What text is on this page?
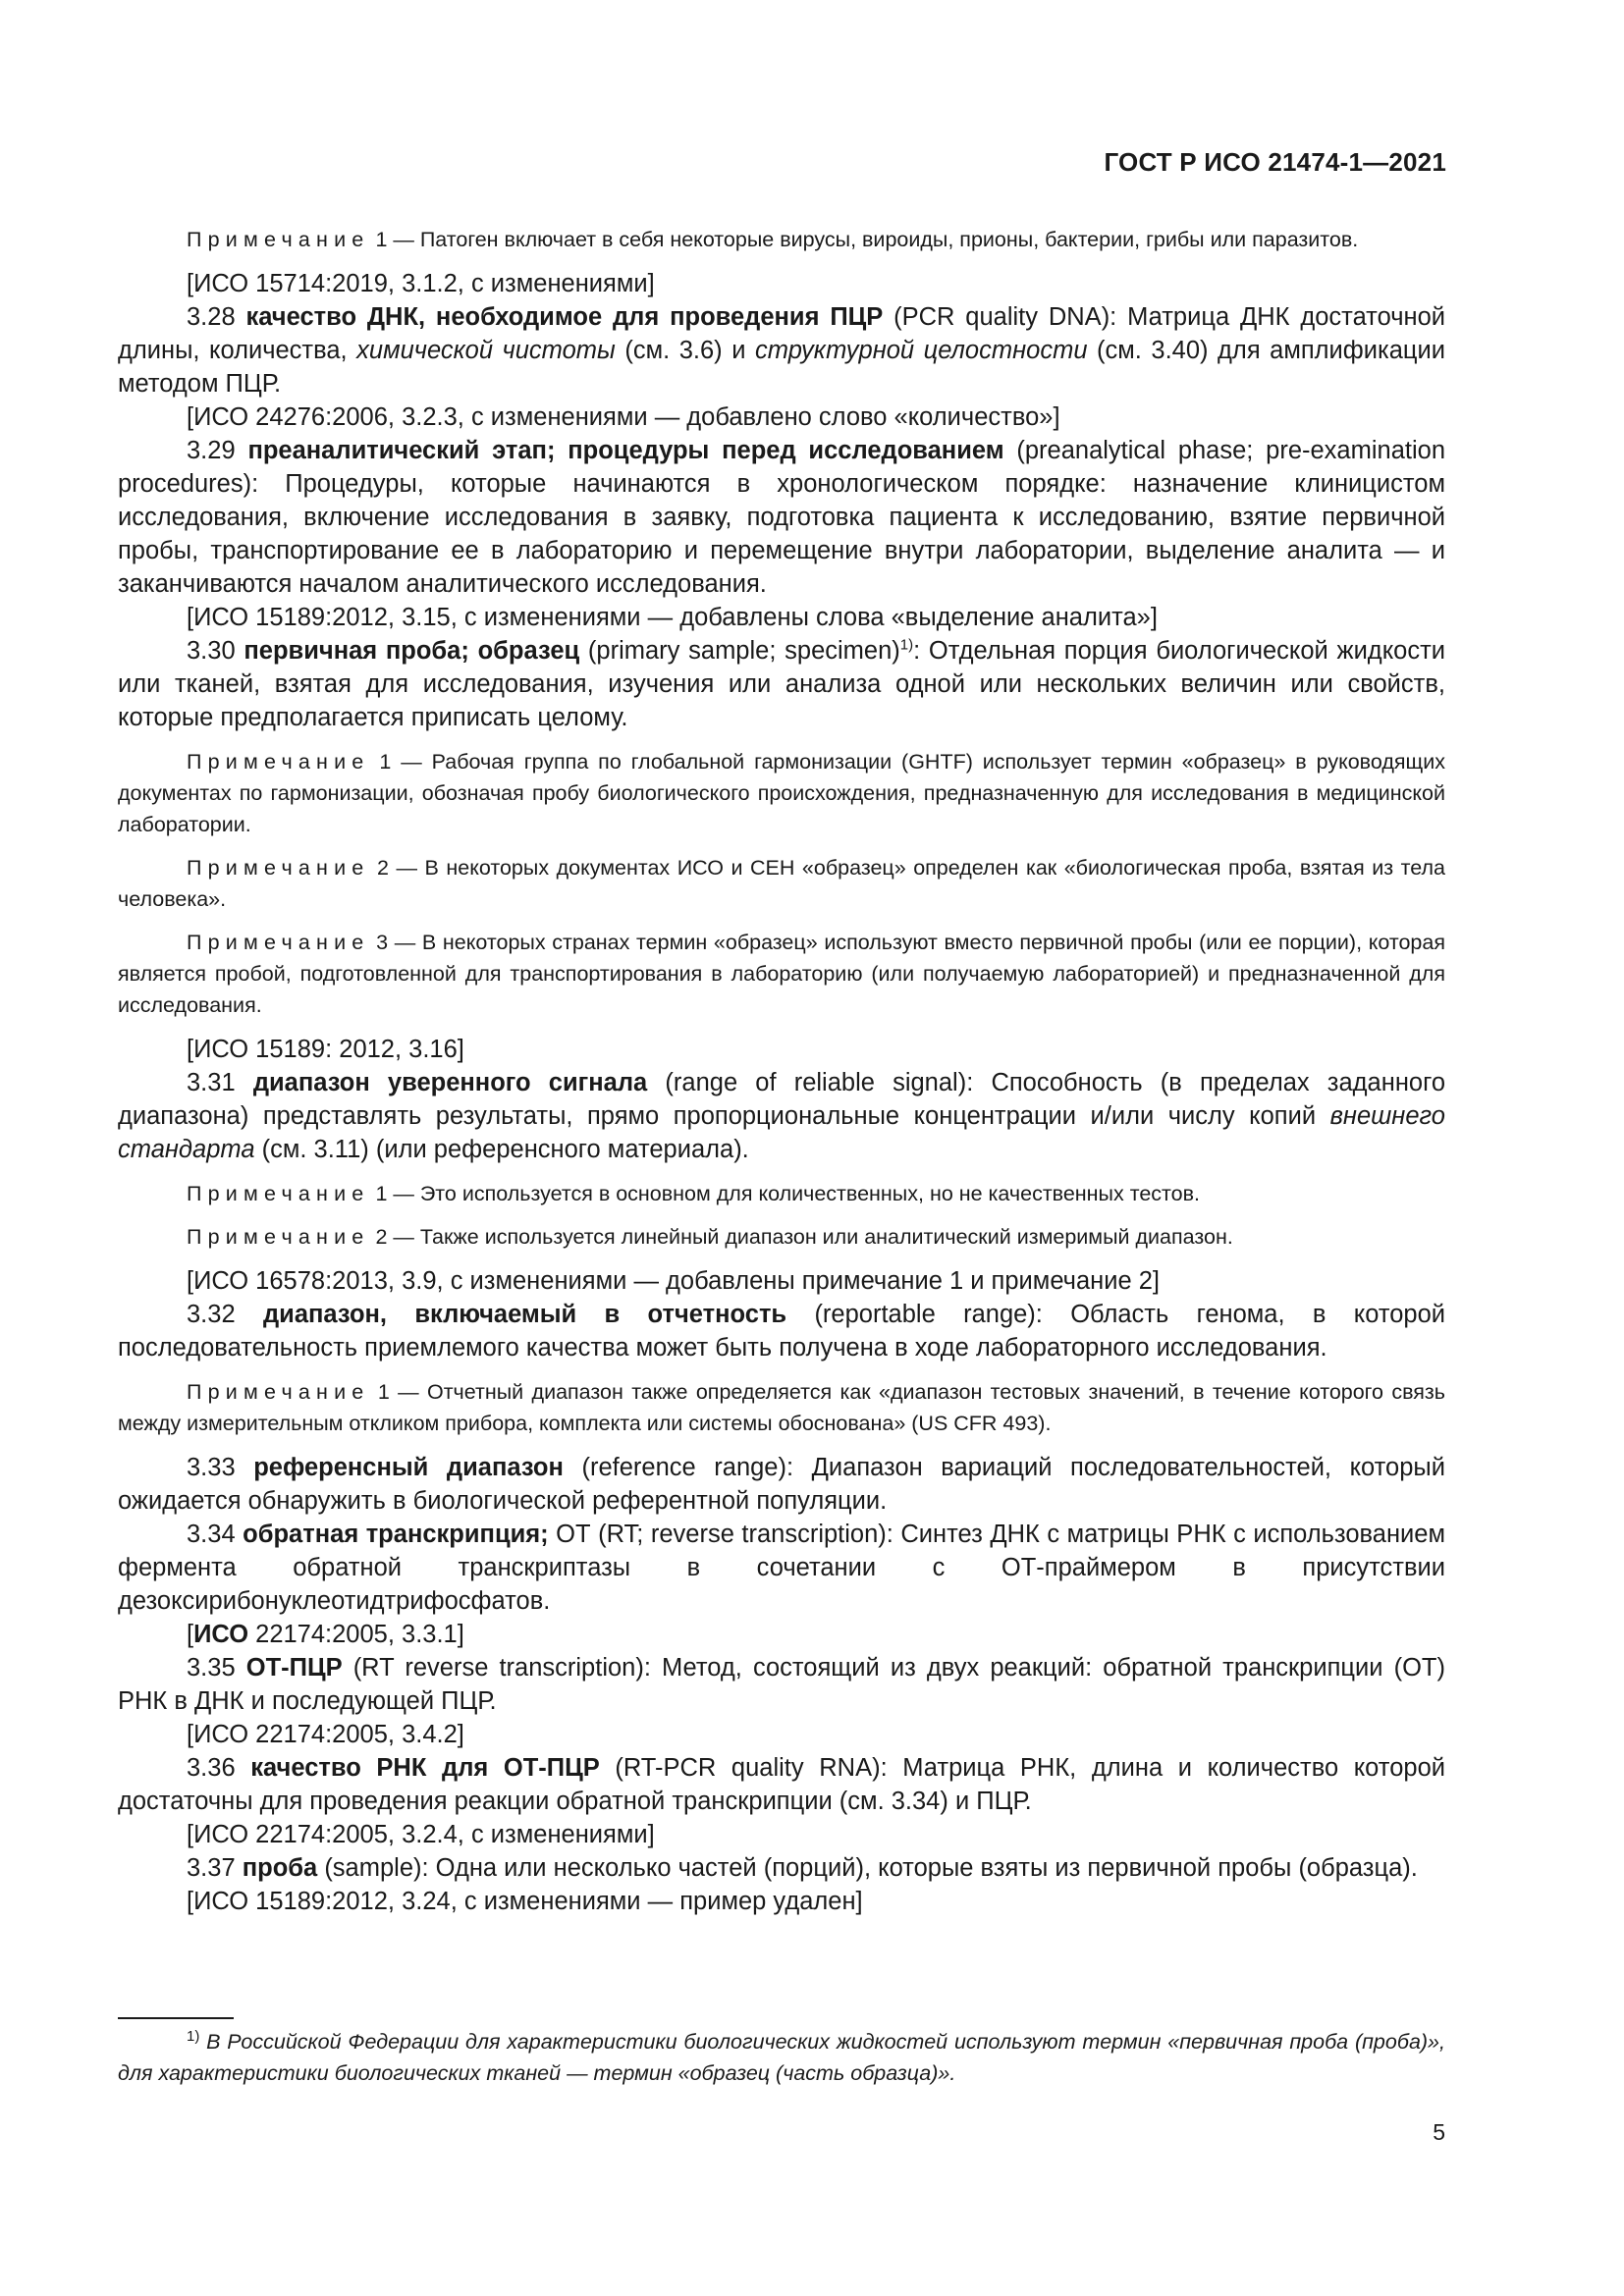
ГОСТ Р ИСО 21474-1—2021

Примечание 1 — Патоген включает в себя некоторые вирусы, вироиды, прионы, бактерии, грибы или паразитов.

[ИСО 15714:2019, 3.1.2, с изменениями]

3.28 качество ДНК, необходимое для проведения ПЦР (PCR quality DNA): Матрица ДНК достаточной длины, количества, химической чистоты (см. 3.6) и структурной целостности (см. 3.40) для амплификации методом ПЦР.

[ИСО 24276:2006, 3.2.3, с изменениями — добавлено слово «количество»]

3.29 преаналитический этап; процедуры перед исследованием (preanalytical phase; pre-examination procedures): Процедуры, которые начинаются в хронологическом порядке: назначение клиницистом исследования, включение исследования в заявку, подготовка пациента к исследованию, взятие первичной пробы, транспортирование ее в лабораторию и перемещение внутри лаборатории, выделение аналита — и заканчиваются началом аналитического исследования.

[ИСО 15189:2012, 3.15, с изменениями — добавлены слова «выделение аналита»]

3.30 первичная проба; образец (primary sample; specimen)$^{1)}$: Отдельная порция биологической жидкости или тканей, взятая для исследования, изучения или анализа одной или нескольких величин или свойств, которые предполагается приписать целому.

Примечание 1 — Рабочая группа по глобальной гармонизации (GHTF) использует термин «образец» в руководящих документах по гармонизации, обозначая пробу биологического происхождения, предназначенную для исследования в медицинской лаборатории.

Примечание 2 — В некоторых документах ИСО и СЕН «образец» определен как «биологическая проба, взятая из тела человека».

Примечание 3 — В некоторых странах термин «образец» используют вместо первичной пробы (или ее порции), которая является пробой, подготовленной для транспортирования в лабораторию (или получаемую лабораторией) и предназначенной для исследования.

[ИСО 15189: 2012, 3.16]

3.31 диапазон уверенного сигнала (range of reliable signal): Способность (в пределах заданного диапазона) представлять результаты, прямо пропорциональные концентрации и/или числу копий внешнего стандарта (см. 3.11) (или референсного материала).

Примечание 1 — Это используется в основном для количественных, но не качественных тестов.

Примечание 2 — Также используется линейный диапазон или аналитический измеримый диапазон.

[ИСО 16578:2013, 3.9, с изменениями — добавлены примечание 1 и примечание 2]

3.32 диапазон, включаемый в отчетность (reportable range): Область генома, в которой последовательность приемлемого качества может быть получена в ходе лабораторного исследования.

Примечание 1 — Отчетный диапазон также определяется как «диапазон тестовых значений, в течение которого связь между измерительным откликом прибора, комплекта или системы обоснована» (US CFR 493).

3.33 референсный диапазон (reference range): Диапазон вариаций последовательностей, который ожидается обнаружить в биологической референтной популяции.

3.34 обратная транскрипция; ОТ (RT; reverse transcription): Синтез ДНК с матрицы РНК с использованием фермента обратной транскриптазы в сочетании с ОТ-праймером в присутствии дезоксирибонуклеотидтрифосфатов.

[ИСО 22174:2005, 3.3.1]

3.35 ОТ-ПЦР (RT reverse transcription): Метод, состоящий из двух реакций: обратной транскрипции (ОТ) РНК в ДНК и последующей ПЦР.

[ИСО 22174:2005, 3.4.2]

3.36 качество РНК для ОТ-ПЦР (RT-PCR quality RNA): Матрица РНК, длина и количество которой достаточны для проведения реакции обратной транскрипции (см. 3.34) и ПЦР.

[ИСО 22174:2005, 3.2.4, с изменениями]

3.37 проба (sample): Одна или несколько частей (порций), которые взяты из первичной пробы (образца).

[ИСО 15189:2012, 3.24, с изменениями — пример удален]

$^{1)}$ В Российской Федерации для характеристики биологических жидкостей используют термин «первичная проба (проба)», для характеристики биологических тканей — термин «образец (часть образца)».
5
